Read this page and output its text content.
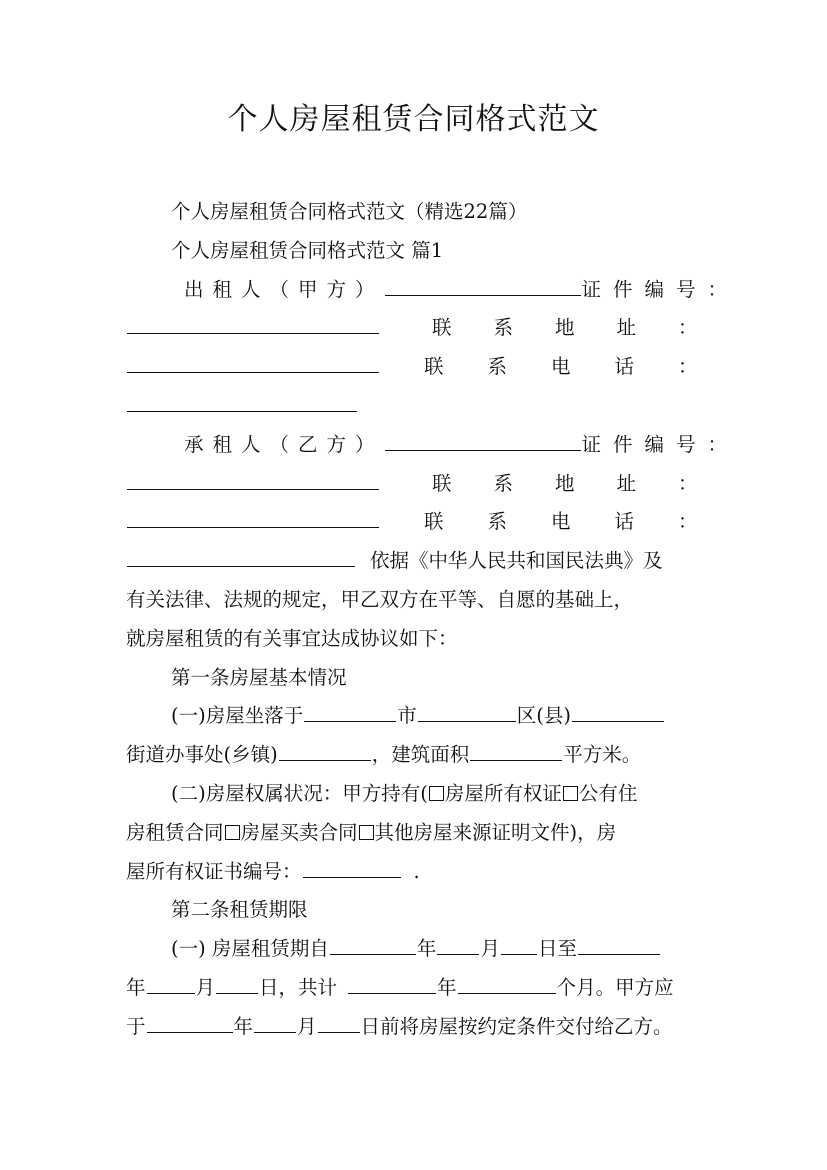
个人房屋租赁合同格式范文
个人房屋租赁合同格式范文（精选22篇）
个人房屋租赁合同格式范文 篇1
出租人（甲方）	证件编号：
联系地址：
联系电话：
承租人（乙方）	证件编号：
联系地址：
联系电话：
依据《中华人民共和国民法典》及
有关法律、法规的规定，甲乙双方在平等、自愿的基础上，
就房屋租赁的有关事宜达成协议如下：
第一条房屋基本情况
(一)房屋坐落于	市	区(县)
街道办事处(乡镇)	，建筑面积	平方米。
(二)房屋权属状况：甲方持有( 房屋所有权证 公有住
房租赁合同 房屋买卖合同 其他房屋来源证明文件)，房
屋所有权证书编号：	.
第二条租赁期限
(一) 房屋租赁期自	年 月 日至
年	月 日，共计	年	个月。甲方应
于	年 月 日前将房屋按约定条件交付给乙方。
